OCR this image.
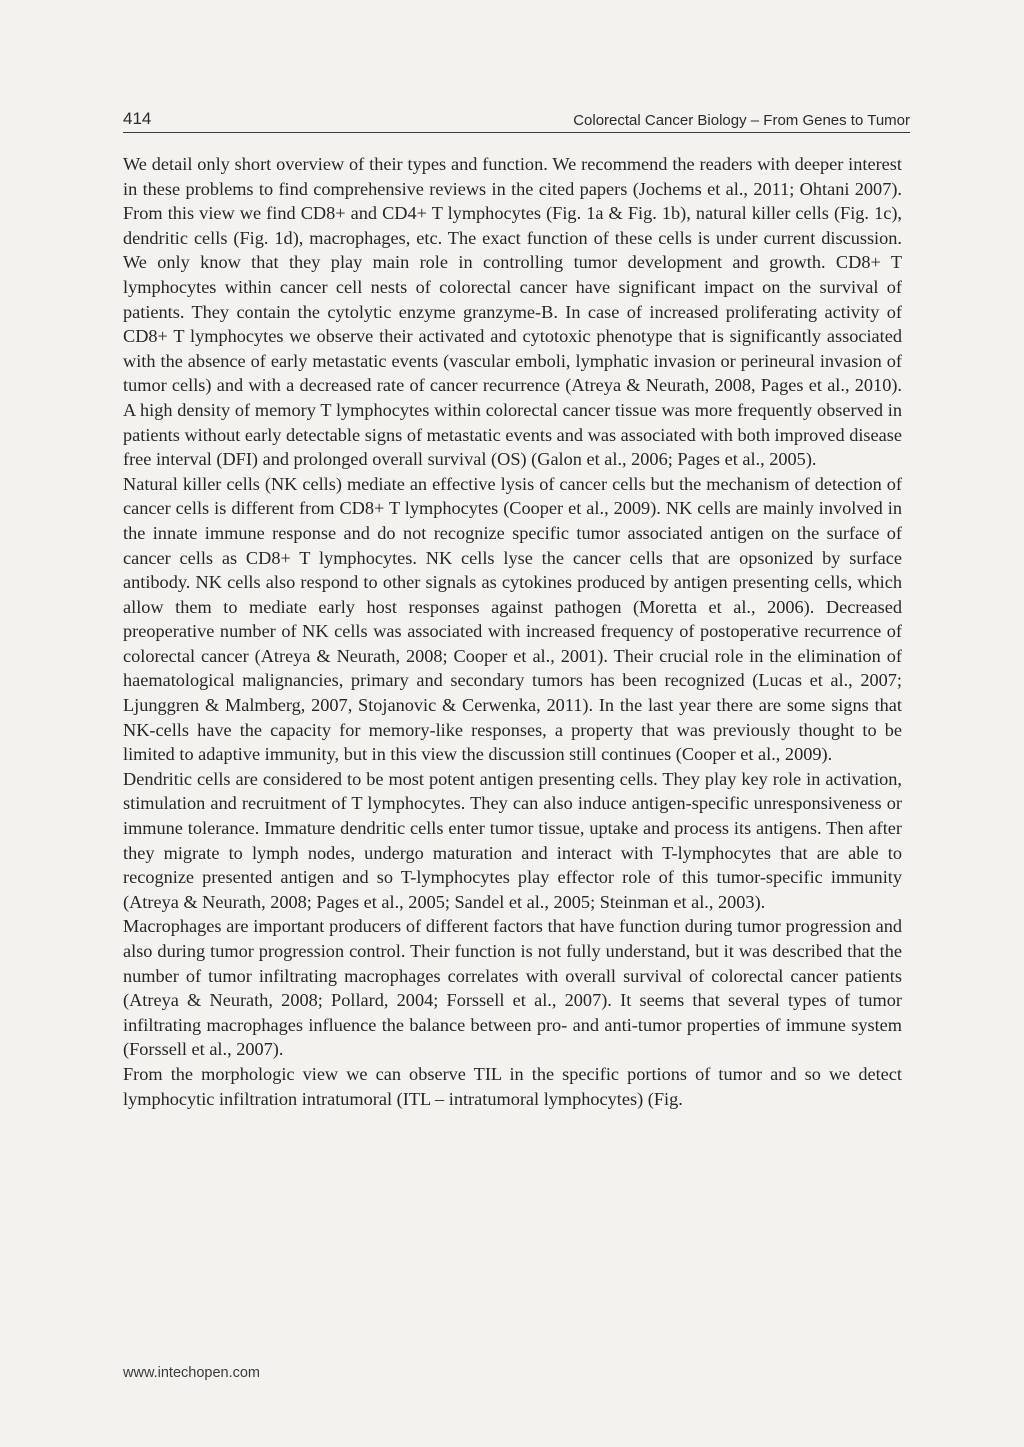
414	Colorectal Cancer Biology – From Genes to Tumor

We detail only short overview of their types and function. We recommend the readers with deeper interest in these problems to find comprehensive reviews in the cited papers (Jochems et al., 2011; Ohtani 2007). From this view we find CD8+ and CD4+ T lymphocytes (Fig. 1a & Fig. 1b), natural killer cells (Fig. 1c), dendritic cells (Fig. 1d), macrophages, etc. The exact function of these cells is under current discussion. We only know that they play main role in controlling tumor development and growth. CD8+ T lymphocytes within cancer cell nests of colorectal cancer have significant impact on the survival of patients. They contain the cytolytic enzyme granzyme-B. In case of increased proliferating activity of CD8+ T lymphocytes we observe their activated and cytotoxic phenotype that is significantly associated with the absence of early metastatic events (vascular emboli, lymphatic invasion or perineural invasion of tumor cells) and with a decreased rate of cancer recurrence (Atreya & Neurath, 2008, Pages et al., 2010). A high density of memory T lymphocytes within colorectal cancer tissue was more frequently observed in patients without early detectable signs of metastatic events and was associated with both improved disease free interval (DFI) and prolonged overall survival (OS) (Galon et al., 2006; Pages et al., 2005).

Natural killer cells (NK cells) mediate an effective lysis of cancer cells but the mechanism of detection of cancer cells is different from CD8+ T lymphocytes (Cooper et al., 2009). NK cells are mainly involved in the innate immune response and do not recognize specific tumor associated antigen on the surface of cancer cells as CD8+ T lymphocytes. NK cells lyse the cancer cells that are opsonized by surface antibody. NK cells also respond to other signals as cytokines produced by antigen presenting cells, which allow them to mediate early host responses against pathogen (Moretta et al., 2006). Decreased preoperative number of NK cells was associated with increased frequency of postoperative recurrence of colorectal cancer (Atreya & Neurath, 2008; Cooper et al., 2001). Their crucial role in the elimination of haematological malignancies, primary and secondary tumors has been recognized (Lucas et al., 2007; Ljunggren & Malmberg, 2007, Stojanovic & Cerwenka, 2011). In the last year there are some signs that NK-cells have the capacity for memory-like responses, a property that was previously thought to be limited to adaptive immunity, but in this view the discussion still continues (Cooper et al., 2009).

Dendritic cells are considered to be most potent antigen presenting cells. They play key role in activation, stimulation and recruitment of T lymphocytes. They can also induce antigen-specific unresponsiveness or immune tolerance. Immature dendritic cells enter tumor tissue, uptake and process its antigens. Then after they migrate to lymph nodes, undergo maturation and interact with T-lymphocytes that are able to recognize presented antigen and so T-lymphocytes play effector role of this tumor-specific immunity (Atreya & Neurath, 2008; Pages et al., 2005; Sandel et al., 2005; Steinman et al., 2003).

Macrophages are important producers of different factors that have function during tumor progression and also during tumor progression control. Their function is not fully understand, but it was described that the number of tumor infiltrating macrophages correlates with overall survival of colorectal cancer patients (Atreya & Neurath, 2008; Pollard, 2004; Forssell et al., 2007). It seems that several types of tumor infiltrating macrophages influence the balance between pro- and anti-tumor properties of immune system (Forssell et al., 2007).

From the morphologic view we can observe TIL in the specific portions of tumor and so we detect lymphocytic infiltration intratumoral (ITL – intratumoral lymphocytes) (Fig.

www.intechopen.com
